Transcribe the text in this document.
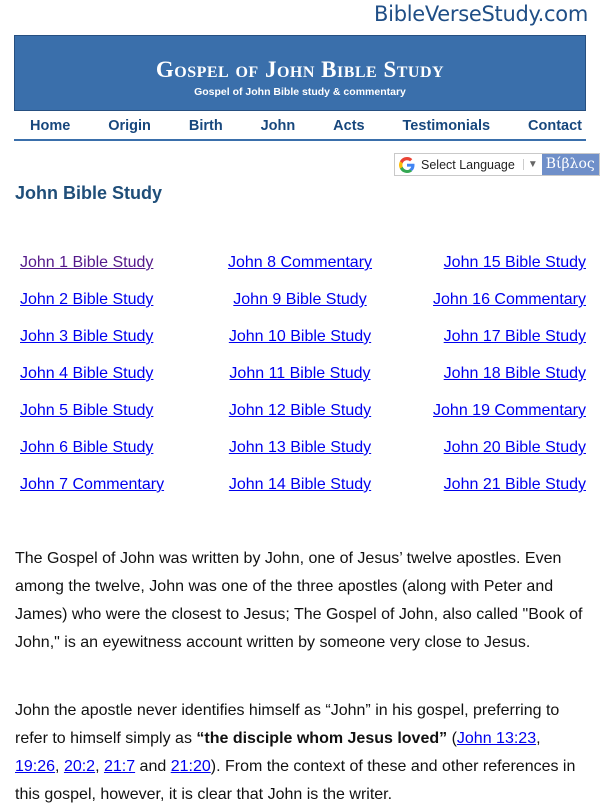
BibleVerseStudy.com
Gospel of John Bible Study
Gospel of John Bible study & commentary
Home	Origin	Birth	John	Acts	Testimonials	Contact
Select Language	▼ Βίβλος
John Bible Study
John 1 Bible Study	John 8 Commentary	John 15 Bible Study
John 2 Bible Study	John 9 Bible Study	John 16 Commentary
John 3 Bible Study	John 10 Bible Study	John 17 Bible Study
John 4 Bible Study	John 11 Bible Study	John 18 Bible Study
John 5 Bible Study	John 12 Bible Study	John 19 Commentary
John 6 Bible Study	John 13 Bible Study	John 20 Bible Study
John 7 Commentary	John 14 Bible Study	John 21 Bible Study

The Gospel of John was written by John, one of Jesus’ twelve apostles. Even among the twelve, John was one of the three apostles (along with Peter and James) who were the closest to Jesus; The Gospel of John, also called "Book of John," is an eyewitness account written by someone very close to Jesus.

John the apostle never identifies himself as “John” in his gospel, preferring to refer to himself simply as “the disciple whom Jesus loved” (John 13:23, 19:26, 20:2, 21:7 and 21:20). From the context of these and other references in this gospel, however, it is clear that John is the writer.
